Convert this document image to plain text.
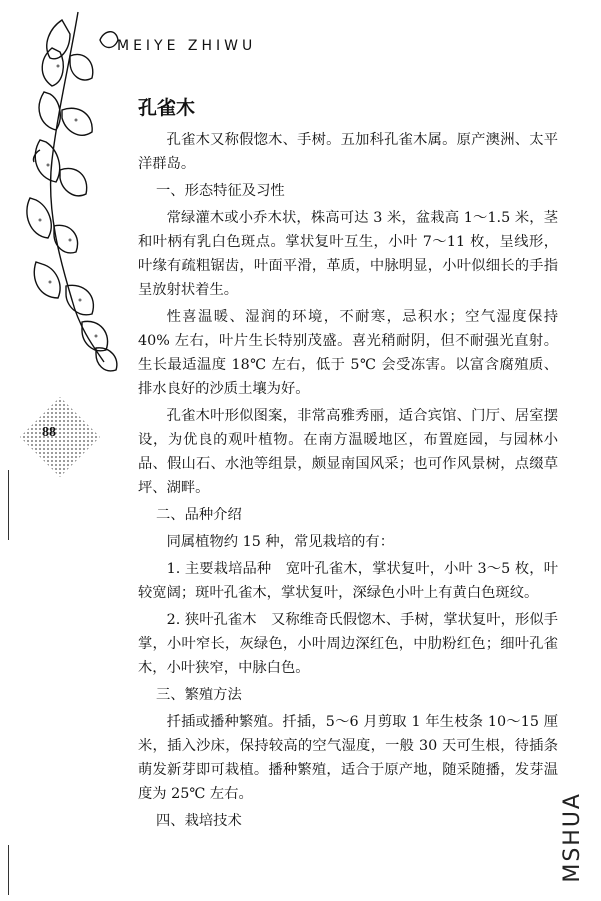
MEIYE ZHIWU
88
孔雀木

孔雀木又称假惚木、手树。五加科孔雀木属。原产澳洲、太平洋群岛。

一、形态特征及习性

常绿灌木或小乔木状，株高可达 3 米，盆栽高 1～1.5 米，茎和叶柄有乳白色斑点。掌状复叶互生，小叶 7～11 枚，呈线形，叶缘有疏粗锯齿，叶面平滑，革质，中脉明显，小叶似细长的手指呈放射状着生。

性喜温暖、湿润的环境，不耐寒，忌积水；空气湿度保持 40% 左右，叶片生长特别茂盛。喜光稍耐阴，但不耐强光直射。生长最适温度 18℃ 左右，低于 5℃ 会受冻害。以富含腐殖质、排水良好的沙质土壤为好。

孔雀木叶形似图案，非常高雅秀丽，适合宾馆、门厅、居室摆设，为优良的观叶植物。在南方温暖地区，布置庭园，与园林小品、假山石、水池等组景，颇显南国风采；也可作风景树，点缀草坪、湖畔。

二、品种介绍

同属植物约 15 种，常见栽培的有：

1. 主要栽培品种　宽叶孔雀木，掌状复叶，小叶 3～5 枚，叶较宽阔；斑叶孔雀木，掌状复叶，深绿色小叶上有黄白色斑纹。

2. 狭叶孔雀木　又称维奇氏假惚木、手树，掌状复叶，形似手掌，小叶窄长，灰绿色，小叶周边深红色，中肋粉红色；细叶孔雀木，小叶狭窄，中脉白色。

三、繁殖方法

扦插或播种繁殖。扦插，5～6 月剪取 1 年生枝条 10～15 厘米，插入沙床，保持较高的空气湿度，一般 30 天可生根，待插条萌发新芽即可栽植。播种繁殖，适合于原产地，随采随播，发芽温度为 25℃ 左右。

四、栽培技术	MSHUA
